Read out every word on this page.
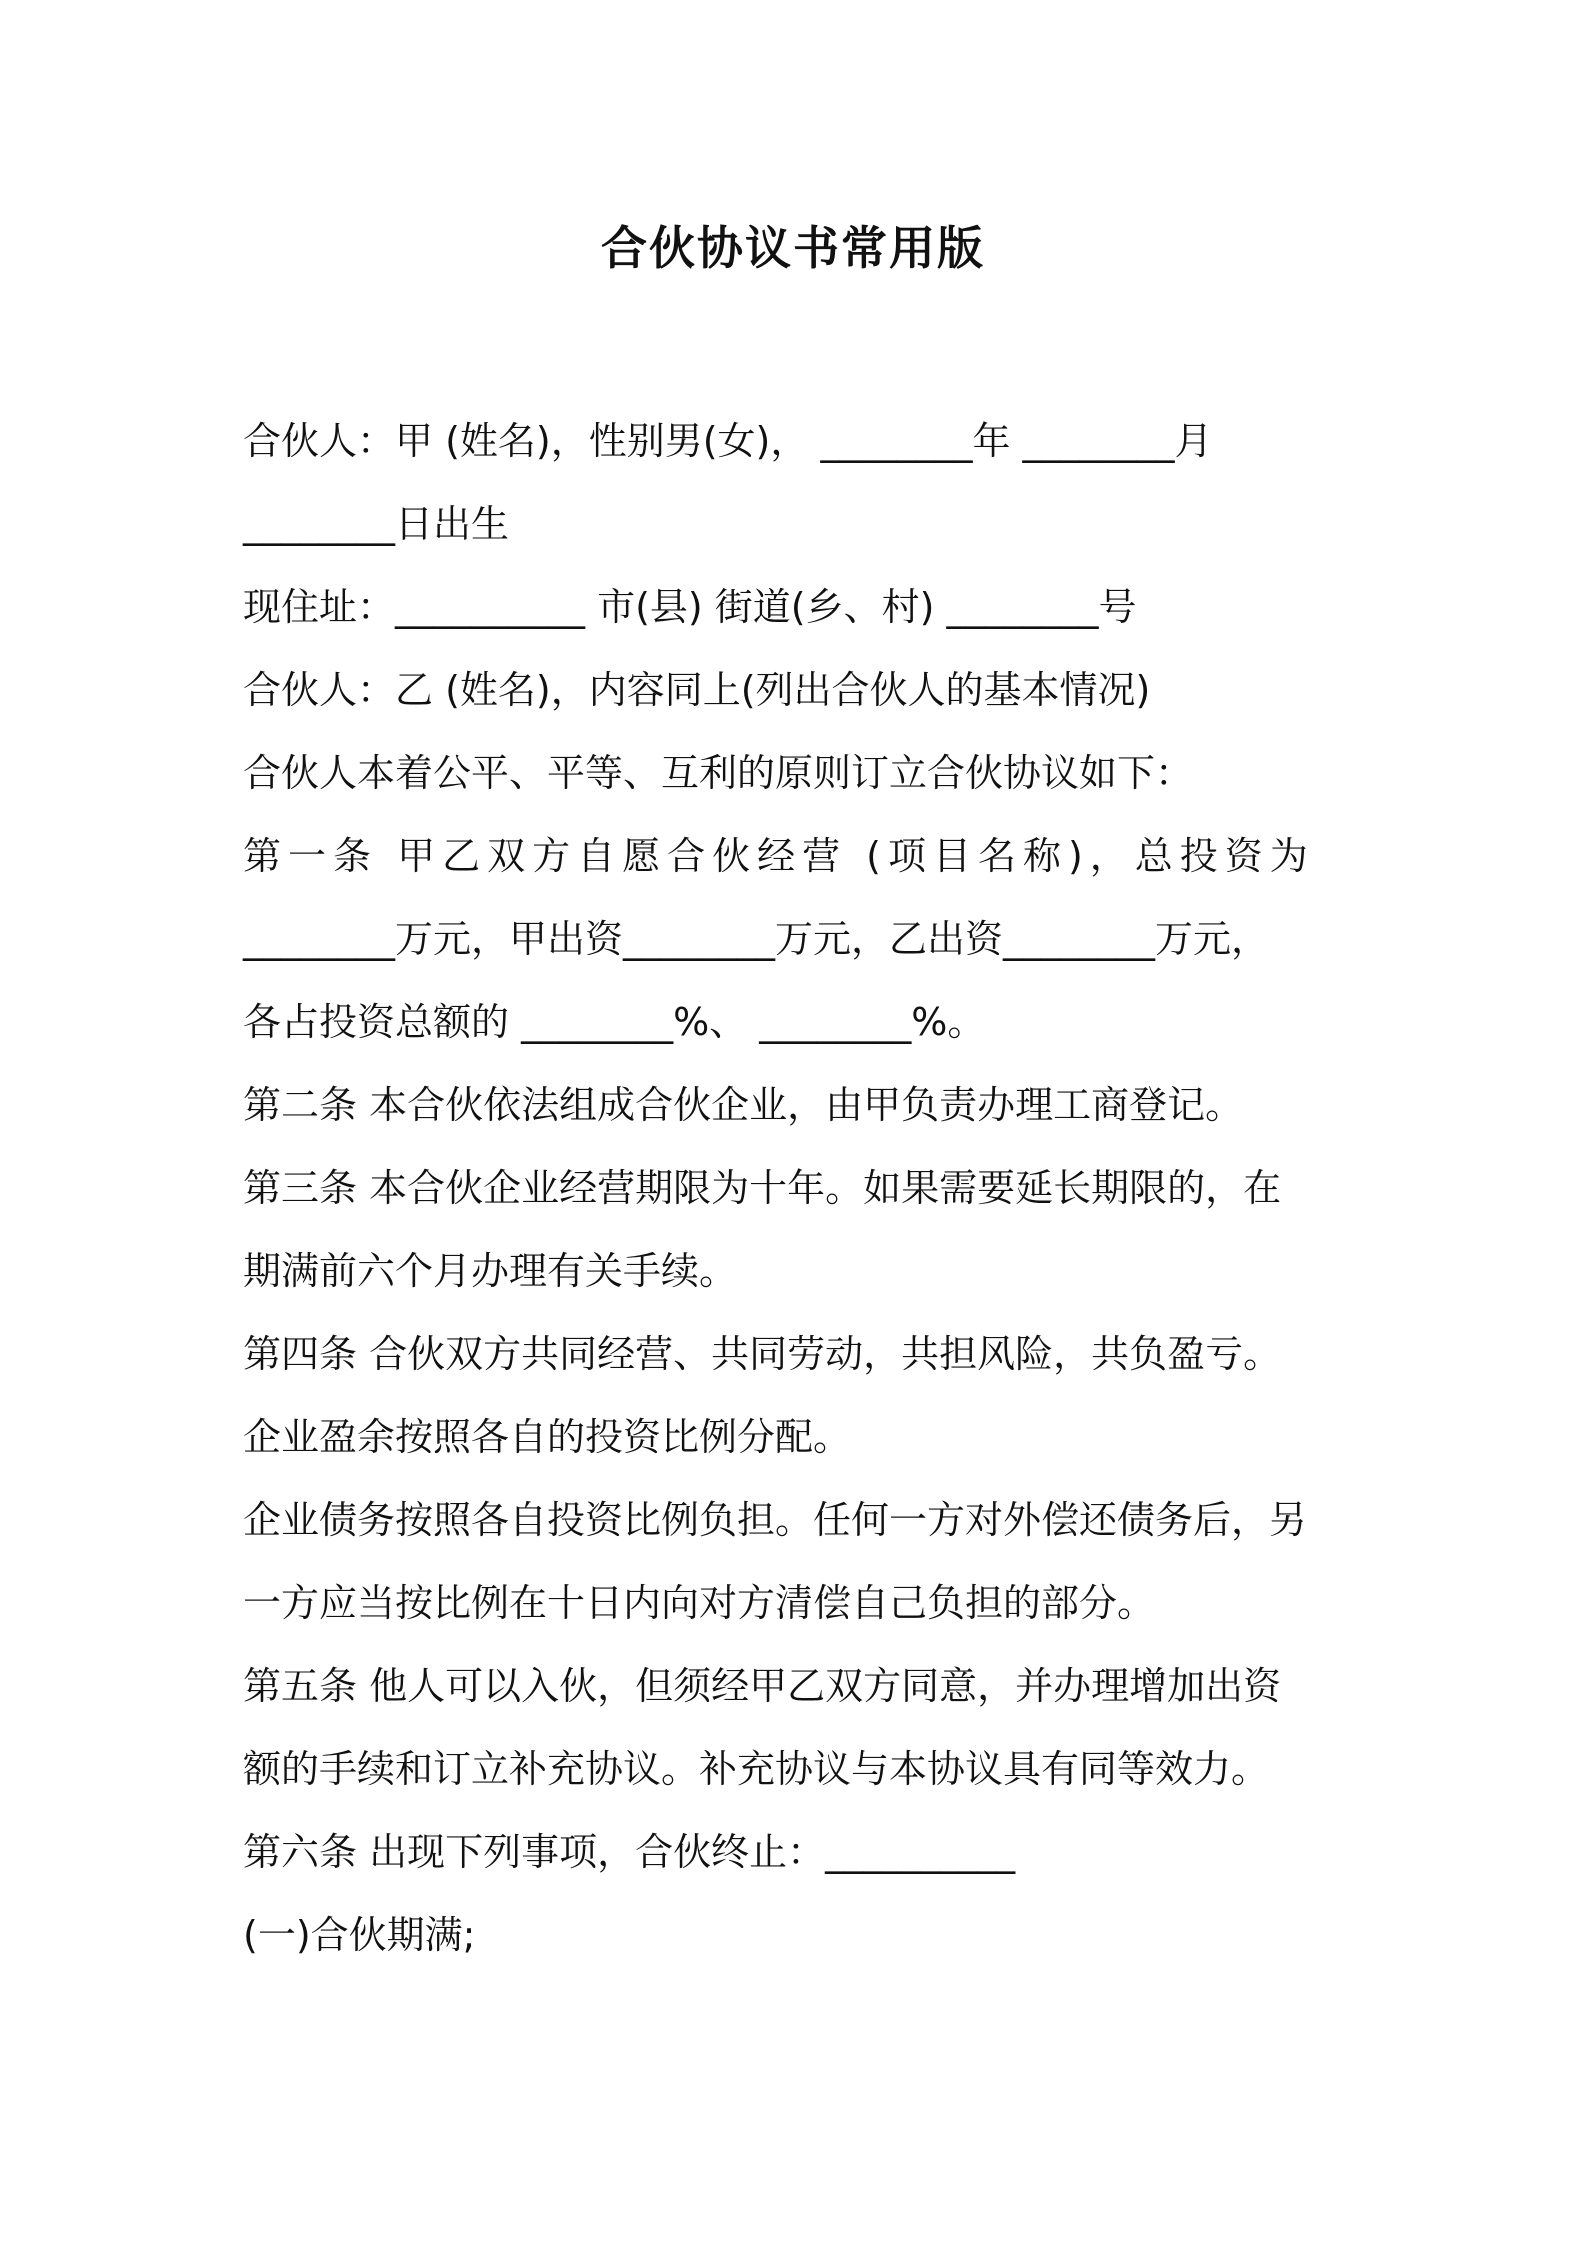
合伙协议书常用版
合伙人：甲 (姓名)，性别男(女)， ________年 ________月
________日出生
现住址：__________ 市(县) 街道(乡、村) ________号
合伙人：乙 (姓名)，内容同上(列出合伙人的基本情况)
合伙人本着公平、平等、互利的原则订立合伙协议如下：
第一条 甲乙双方自愿合伙经营 (项目名称)，总投资为
________万元，甲出资________万元，乙出资________万元，
各占投资总额的 ________%、 ________%。
第二条 本合伙依法组成合伙企业，由甲负责办理工商登记。
第三条 本合伙企业经营期限为十年。如果需要延长期限的，在
期满前六个月办理有关手续。
第四条 合伙双方共同经营、共同劳动，共担风险，共负盈亏。
企业盈余按照各自的投资比例分配。
企业债务按照各自投资比例负担。任何一方对外偿还债务后，另
一方应当按比例在十日内向对方清偿自己负担的部分。
第五条 他人可以入伙，但须经甲乙双方同意，并办理增加出资
额的手续和订立补充协议。补充协议与本协议具有同等效力。
第六条 出现下列事项，合伙终止：__________
(一)合伙期满;
